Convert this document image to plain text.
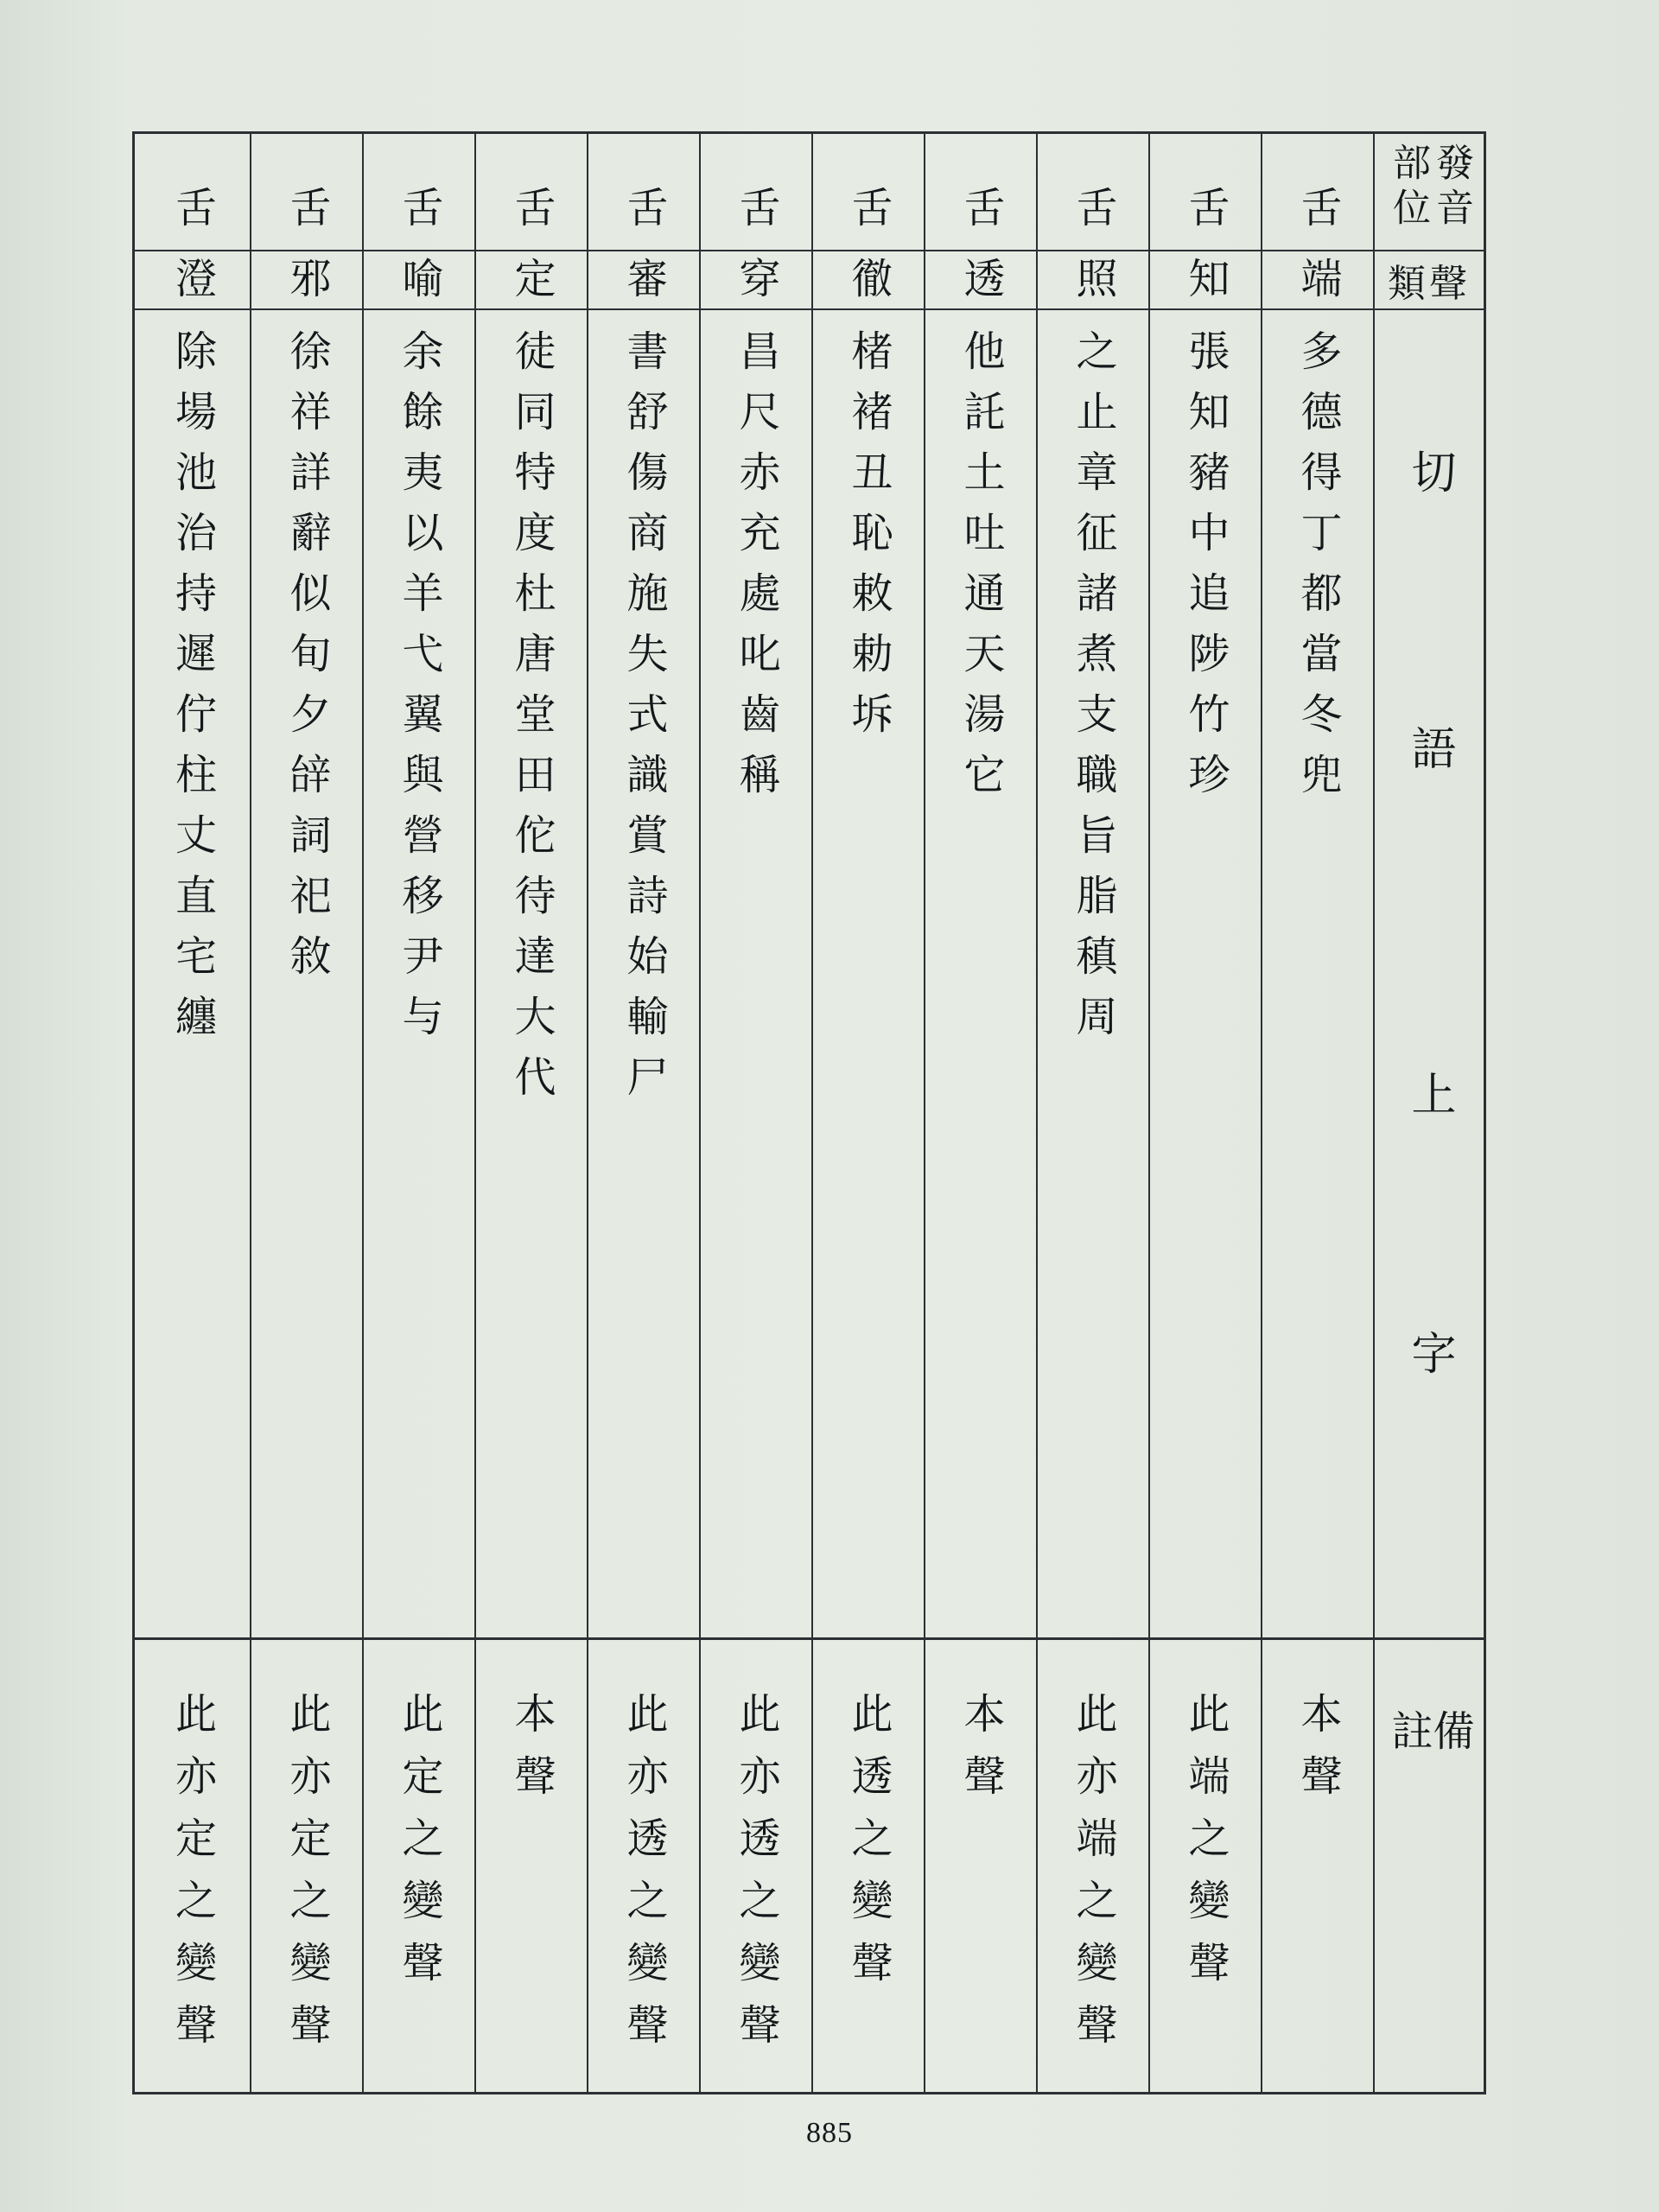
發音
部位
舌
舌
舌
舌
舌
舌
舌
舌
舌
舌
舌
類聲
端
知
照
透
徹
穿
審
定
喻
邪
澄
切
語
上
字
多德得丁都當冬兜
張知豬中追陟竹珍
之止章征諸煮支職旨脂稹周
他託土吐通天湯它
楮褚丑恥敕勅坼
昌尺赤充處叱齒稱
書舒傷商施失式識賞詩始輸尸
徒同特度杜唐堂田佗待達大代
余餘夷以羊弋翼與營移尹与
徐祥詳辭似旬夕辝詞祀敘
除場池治持遲佇柱丈直宅纏
備註
本聲
此端之變聲
此亦端之變聲
本聲
此透之變聲
此亦透之變聲
此亦透之變聲
本聲
此定之變聲
此亦定之變聲
此亦定之變聲
885
